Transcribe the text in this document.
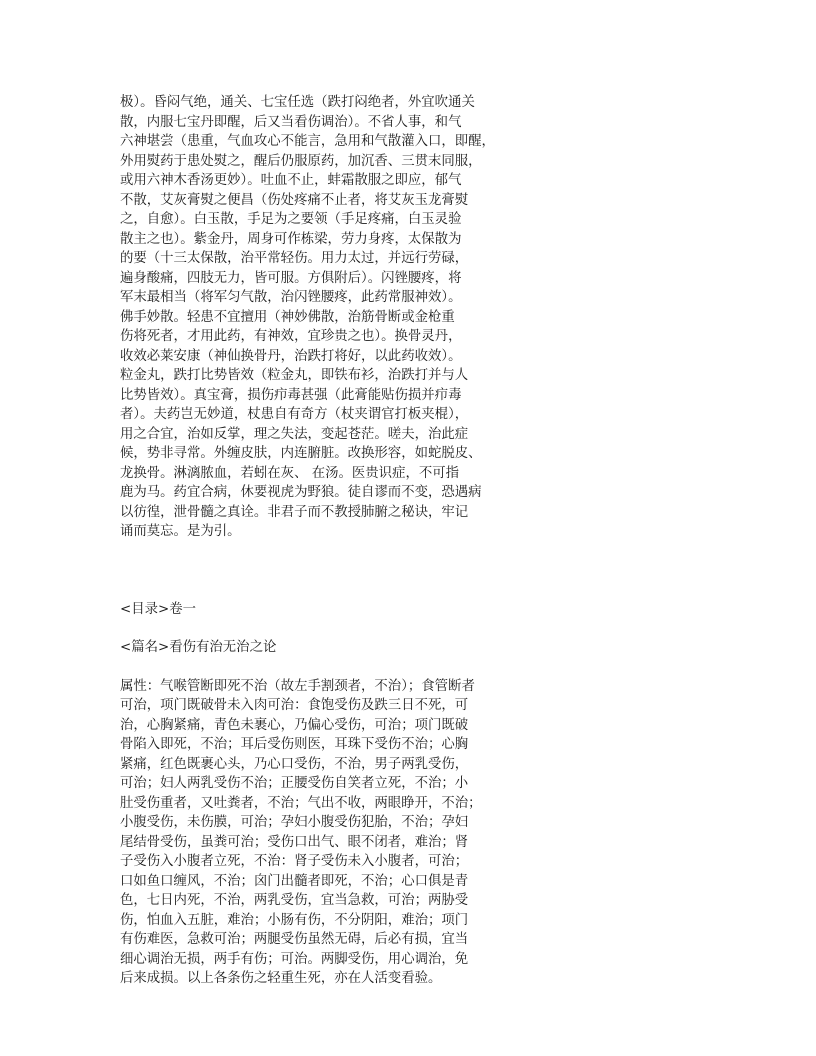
极）。昏闷气绝，通关、七宝任选（跌打闷绝者，外宜吹通关
散，内服七宝丹即醒，后又当看伤调治）。不省人事，和气
六神堪尝（患重，气血攻心不能言，急用和气散灌入口，即醒，
外用熨药于患处熨之，醒后仍服原药，加沉香、三贯末同服，
或用六神木香汤更妙）。吐血不止，蚌霜散服之即应，郁气
不散，艾灰膏熨之便昌（伤处疼痛不止者，将艾灰玉龙膏熨
之，自愈）。白玉散，手足为之要领（手足疼痛，白玉灵验
散主之也）。紫金丹，周身可作栋梁，劳力身疼，太保散为
的要（十三太保散，治平常轻伤。用力太过，并远行劳碌，
遍身酸痛，四肢无力，皆可服。方俱附后）。闪锉腰疼，将
军末最相当（将军匀气散，治闪锉腰疼，此药常服神效）。
佛手妙散。轻患不宜擅用（神妙佛散，治筋骨断或金枪重
伤将死者，才用此药，有神效，宜珍贵之也）。换骨灵丹，
收效必莱安康（神仙换骨丹，治跌打将好，以此药收效）。
粒金丸，跌打比势皆效（粒金丸，即铁布衫，治跌打并与人
比势皆效）。真宝膏，损伤疖毒甚强（此膏能贴伤损并疖毒
者）。夫药岂无妙道，杖患自有奇方（杖夹谓官打板夹棍），
用之合宜，治如反掌，理之失法，变起苍茫。嗟夫，治此症
候，势非寻常。外缠皮肤，内连腑脏。改换形容，如蛇脱皮、
龙换骨。淋漓脓血，若蚓在灰、 在汤。医贵识症，不可指
鹿为马。药宜合病，休要视虎为野狼。徒自谬而不变，恐遇病
以彷徨，泄骨髓之真诠。非君子而不教授肺腑之秘诀，牢记
诵而莫忘。是为引。
<目录>卷一
<篇名>看伤有治无治之论
属性：气喉管断即死不治（故左手割颈者，不治）；食管断者
可治，项门既破骨未入肉可治：食饱受伤及跌三日不死，可
治，心胸紧痛，青色未裹心，乃偏心受伤，可治；项门既破
骨陷入即死，不治；耳后受伤则医，耳珠下受伤不治；心胸
紧痛，红色既裹心头，乃心口受伤，不治，男子两乳受伤，
可治；妇人两乳受伤不治；正腰受伤自笑者立死，不治；小
肚受伤重者，又吐粪者，不治；气出不收，两眼睁开，不治；
小腹受伤，未伤膜，可治；孕妇小腹受伤犯胎，不治；孕妇
尾结骨受伤，虽粪可治；受伤口出气、眼不闭者，难治；肾
子受伤入小腹者立死，不治：肾子受伤未入小腹者，可治；
口如鱼口缠风，不治；囟门出髓者即死，不治；心口俱是青
色，七日内死，不治，两乳受伤，宜当急救，可治；两胁受
伤，怕血入五脏，难治；小肠有伤，不分阴阳，难治；项门
有伤难医，急救可治；两腿受伤虽然无碍，后必有损，宜当
细心调治无损，两手有伤；可治。两脚受伤，用心调治，免
后来成损。以上各条伤之轻重生死，亦在人活变看验。
